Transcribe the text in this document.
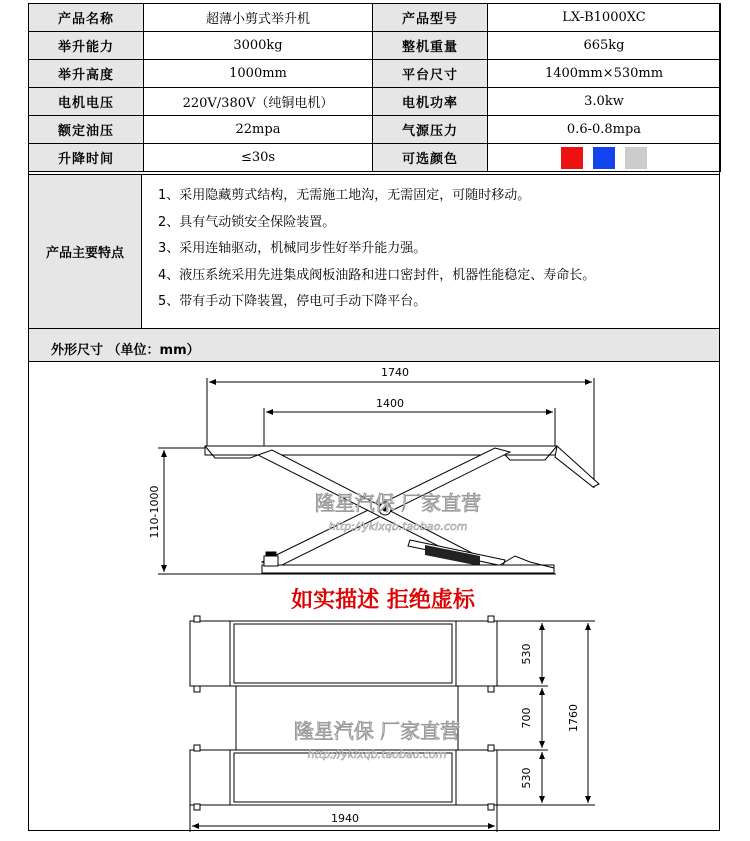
产品名称	超薄小剪式举升机	产品型号	LX-B1000XC
举升能力	3000kg	整机重量	665kg
举升高度	1000mm	平台尺寸	1400mm×530mm
电机电压	220V/380V（纯铜电机）	电机功率	3.0kw
额定油压	22mpa	气源压力	0.6-0.8mpa
升降时间	≤30s	可选颜色	
产品主要特点
1、采用隐藏剪式结构，无需施工地沟，无需固定，可随时移动。
2、具有气动锁安全保险装置。
3、采用连轴驱动，机械同步性好举升能力强。
4、液压系统采用先进集成阀板油路和进口密封件，机器性能稳定、寿命长。
5、带有手动下降装置，停电可手动下降平台。
外形尺寸 （单位：mm）
1740
1400
110-1000	隆星汽保 厂家直营
http://yklxqb.taobao.com
如实描述 拒绝虚标
530
700
530
1760
1940
隆星汽保 厂家直营
http://yklxqb.taobao.com
